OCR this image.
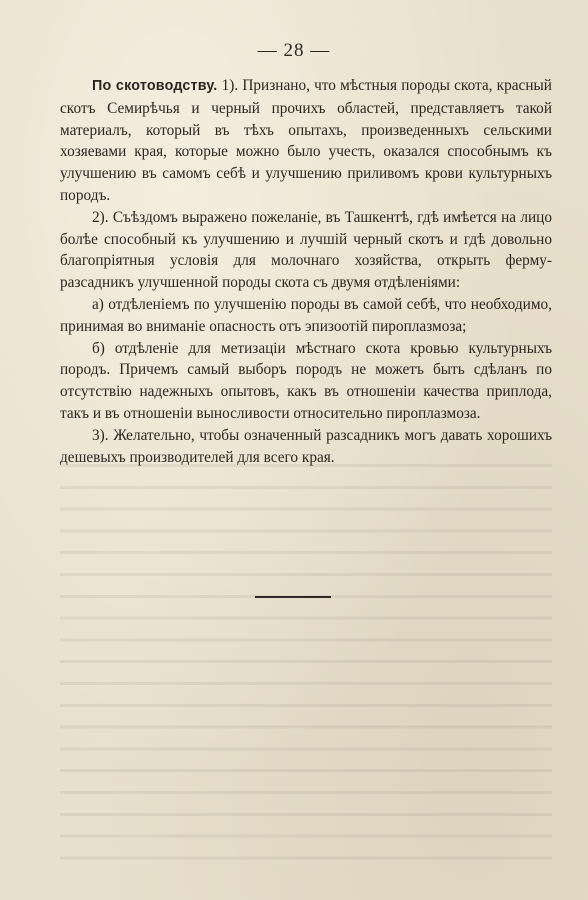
— 28 —

По скотоводству. 1). Признано, что мѣстныя породы скота, красный скотъ Семирѣчья и черный прочихъ областей, представляетъ такой материалъ, который въ тѣхъ опытахъ, произведенныхъ сельскими хозяевами края, которые можно было учесть, оказался способнымъ къ улучшению въ самомъ себѣ и улучшению приливомъ крови культурныхъ породъ.

2). Съѣздомъ выражено пожеланіе, въ Ташкентѣ, гдѣ имѣется на лицо болѣе способный къ улучшению и лучшій черный скотъ и гдѣ довольно благопріятныя условія для молочнаго хозяйства, открыть ферму-разсадникъ улучшенной породы скота съ двумя отдѣленіями:

а) отдѣленіемъ по улучшенію породы въ самой себѣ, что необходимо, принимая во вниманіе опасность отъ эпизоотій пироплазмоза;

б) отдѣленіе для метизаціи мѣстнаго скота кровью культурныхъ породъ. Причемъ самый выборъ породъ не можетъ быть сдѣланъ по отсутствію надежныхъ опытовъ, какъ въ отношеніи качества приплода, такъ и въ отношеніи выносливости относительно пироплазмоза.

3). Желательно, чтобы означенный разсадникъ могъ давать хорошихъ дешевыхъ производителей для всего края.
